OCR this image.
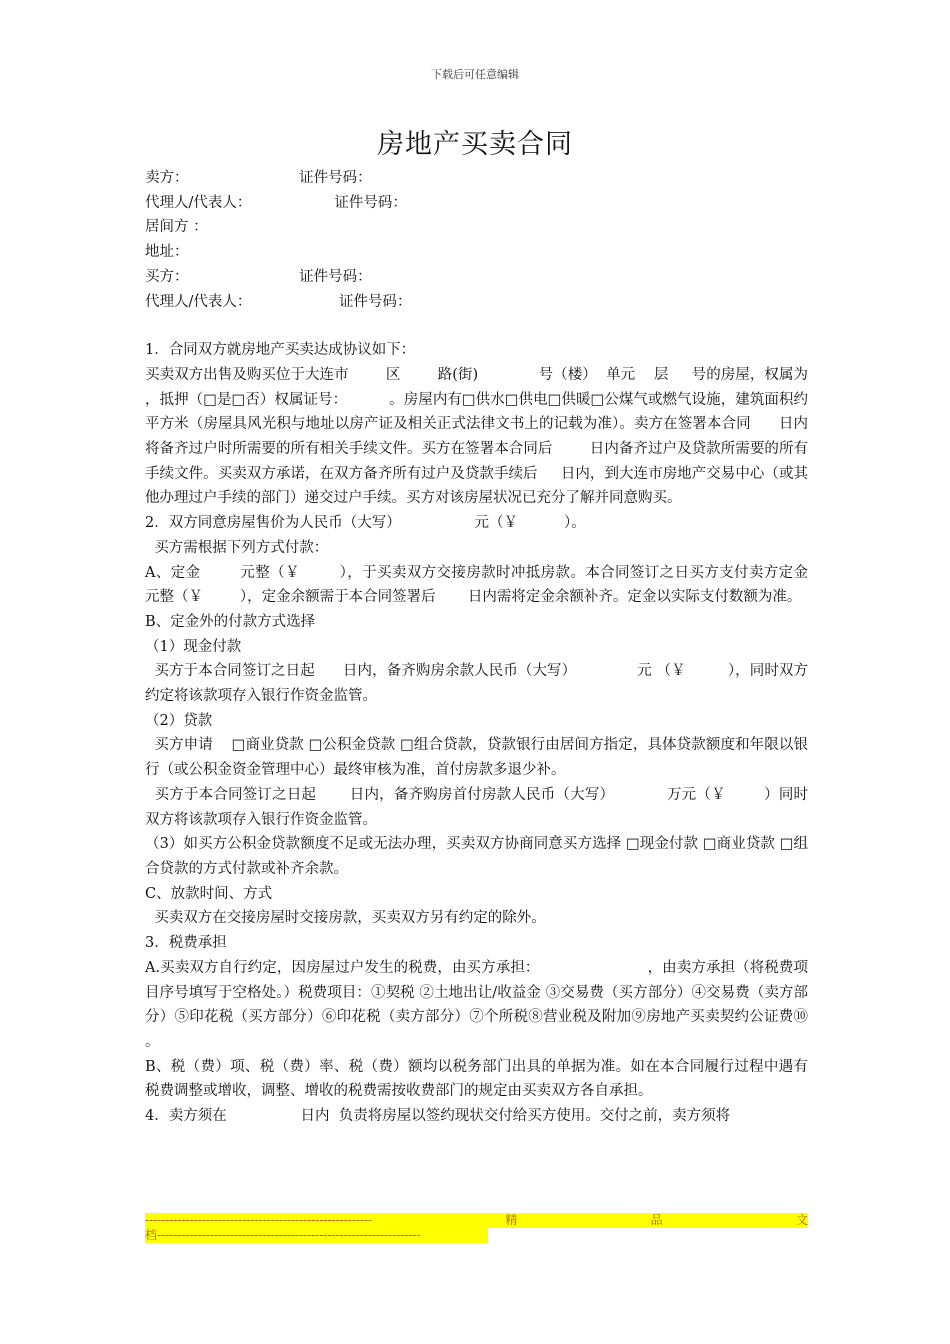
下载后可任意编辑
房地产买卖合同

卖方：                        证件号码：

代理人/代表人：                  证件号码：

居间方 ：

地址：

买方：                        证件号码：

代理人/代表人：                   证件号码：

1．合同双方就房地产买卖达成协议如下：

买卖双方出售及购买位于大连市        区        路(街)             号（楼）  单元    层     号的房屋，权属为          ，抵押（□是□否）权属证号：         。房屋内有□供水□供电□供暖□公煤气或燃气设施，建筑面积约        平方米（房屋具风光积与地址以房产证及相关正式法律文书上的记载为准）。卖方在签署本合同      日内将备齐过户时所需要的所有相关手续文件。买方在签署本合同后        日内备齐过户及贷款所需要的所有手续文件。买卖双方承诺，在双方备齐所有过户及贷款手续后     日内，到大连市房地产交易中心（或其他办理过户手续的部门）递交过户手续。买方对该房屋状况已充分了解并同意购买。

2．双方同意房屋售价为人民币（大写）                元（￥          ）。

买方需根据下列方式付款：

A、定金        元整（￥        ），于买卖双方交接房款时冲抵房款。本合同签订之日买方支付卖方定金            元整（￥        ），定金余额需于本合同签署后       日内需将定金余额补齐。定金以实际支付数额为准。

B、定金外的付款方式选择

（1）现金付款

买方于本合同签订之日起      日内，备齐购房余款人民币（大写）             元 （￥         ），同时双方约定将该款项存入银行作资金监管。

（2）贷款

买方申请    □商业贷款 □公积金贷款 □组合贷款，贷款银行由居间方指定，具体贷款额度和年限以银行（或公积金资金管理中心）最终审核为准，首付房款多退少补。

买方于本合同签订之日起       日内，备齐购房首付房款人民币（大写）           万元（￥        ）同时双方将该款项存入银行作资金监管。

（3）如买方公积金贷款额度不足或无法办理，买卖双方协商同意买方选择 □现金付款 □商业贷款 □组合贷款的方式付款或补齐余款。

C、放款时间、方式

买卖双方在交接房屋时交接房款，买卖双方另有约定的除外。

3．税费承担

A.买卖双方自行约定，因房屋过户发生的税费，由买方承担：                       ，由卖方承担（将税费项目序号填写于空格处。）税费项目：①契税 ②土地出让/收益金 ③交易费（买方部分）④交易费（卖方部分）⑤印花税（买方部分）⑥印花税（卖方部分）⑦个所税⑧营业税及附加⑨房地产买卖契约公证费⑩                。

B、税（费）项、税（费）率、税（费）额均以税务部门出具的单据为准。如在本合同履行过程中遇有税费调整或增收，调整、增收的税费需按收费部门的规定由买卖双方各自承担。

4．卖方须在                日内  负责将房屋以签约现状交付给买方使用。交付之前，卖方须将

--------------------------------------------------------	精	品	文
档-----------------------------------------------------------------
